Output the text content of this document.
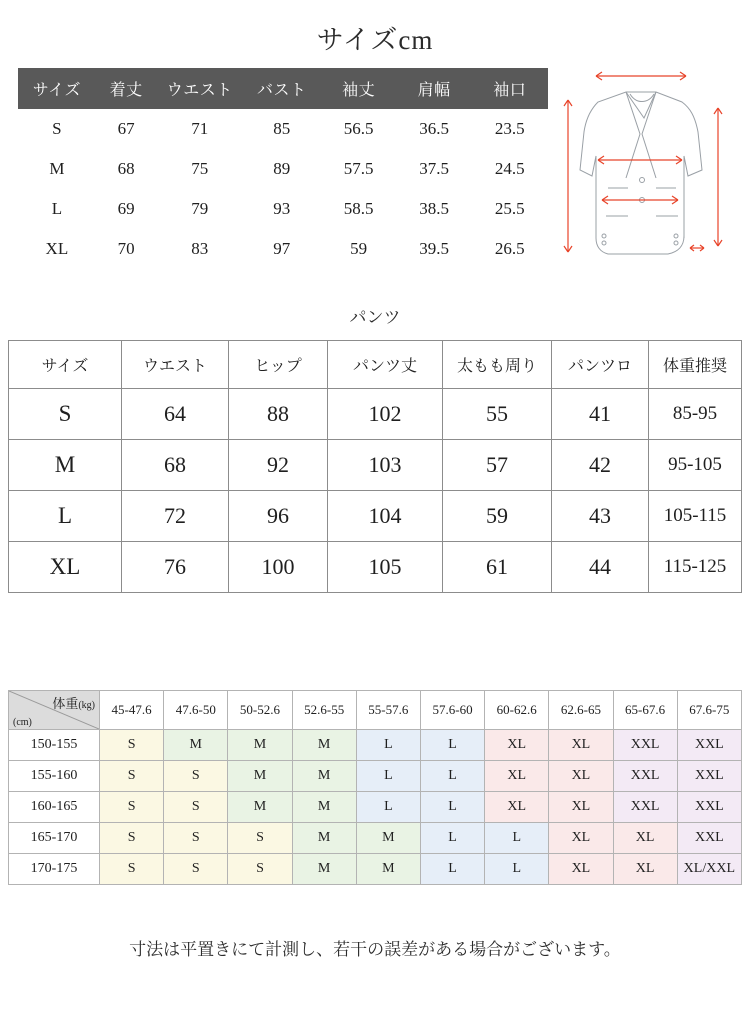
サイズcm
サイズ	着丈	ウエスト	バスト	袖丈	肩幅	袖口
S	67	71	85	56.5	36.5	23.5
M	68	75	89	57.5	37.5	24.5
L	69	79	93	58.5	38.5	25.5
XL	70	83	97	59	39.5	26.5
パンツ
サイズ	ウエスト	ヒップ	パンツ丈	太もも周り	パンツロ	体重推奨
S	64	88	102	55	41	85-95
M	68	92	103	57	42	95-105
L	72	96	104	59	43	105-115
XL	76	100	105	61	44	115-125
体重(kg)
(cm)	45-47.6	47.6-50	50-52.6	52.6-55	55-57.6	57.6-60	60-62.6	62.6-65	65-67.6	67.6-75
150-155	S	M	M	M	L	L	XL	XL	XXL	XXL
155-160	S	S	M	M	L	L	XL	XL	XXL	XXL
160-165	S	S	M	M	L	L	XL	XL	XXL	XXL
165-170	S	S	S	M	M	L	L	XL	XL	XXL
170-175	S	S	S	M	M	L	L	XL	XL	XL/XXL
寸法は平置きにて計測し、若干の誤差がある場合がございます。
